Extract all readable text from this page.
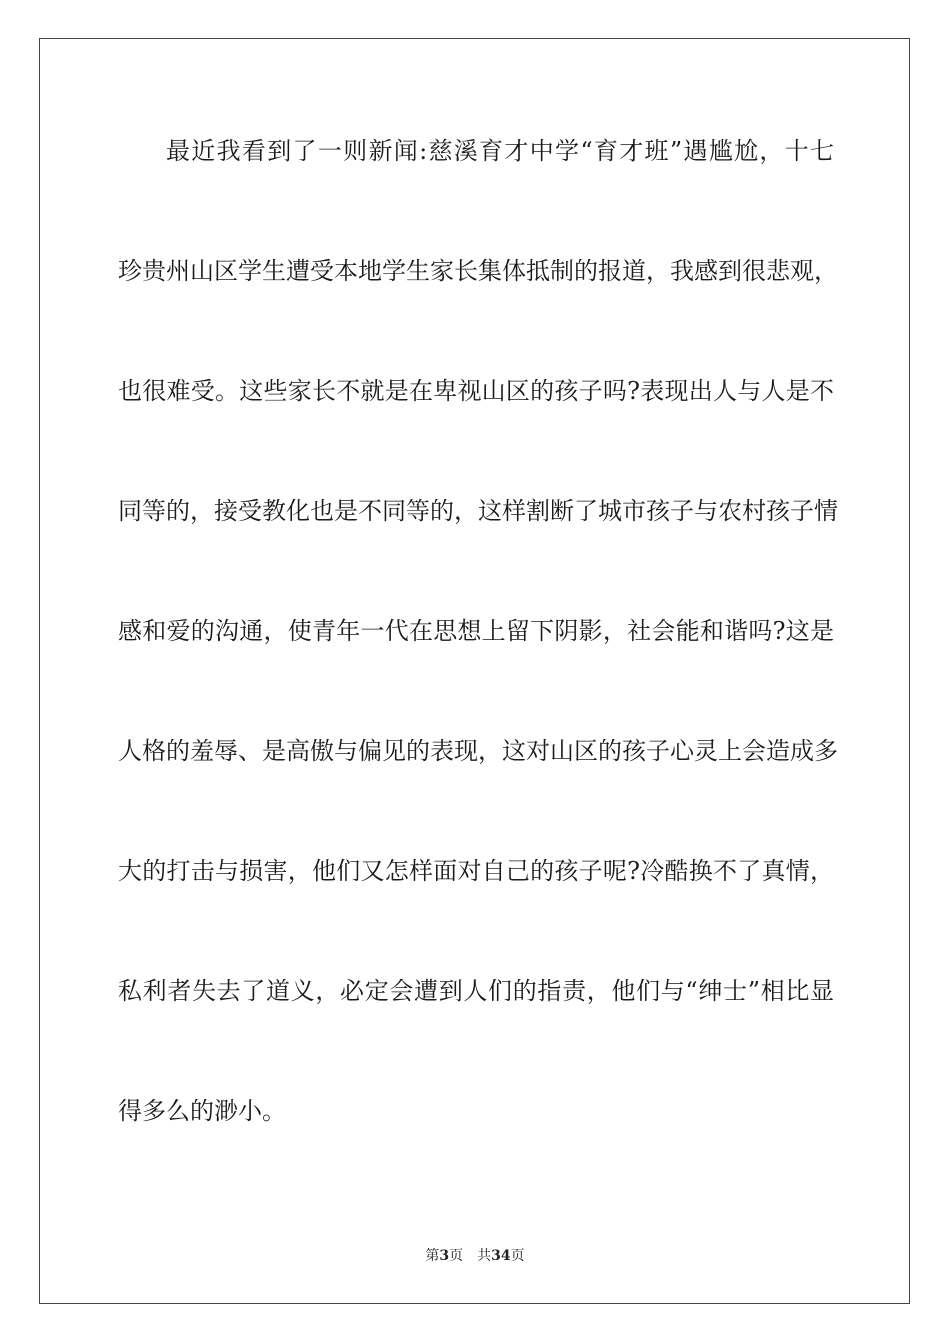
最近我看到了一则新闻:慈溪育才中学“育才班”遇尴尬，十七
珍贵州山区学生遭受本地学生家长集体抵制的报道，我感到很悲观，
也很难受。这些家长不就是在卑视山区的孩子吗?表现出人与人是不
同等的，接受教化也是不同等的，这样割断了城市孩子与农村孩子情
感和爱的沟通，使青年一代在思想上留下阴影，社会能和谐吗?这是
人格的羞辱、是高傲与偏见的表现，这对山区的孩子心灵上会造成多
大的打击与损害，他们又怎样面对自己的孩子呢?冷酷换不了真情，
私利者失去了道义，必定会遭到人们的指责，他们与“绅士”相比显
得多么的渺小。
第3页 共34页
